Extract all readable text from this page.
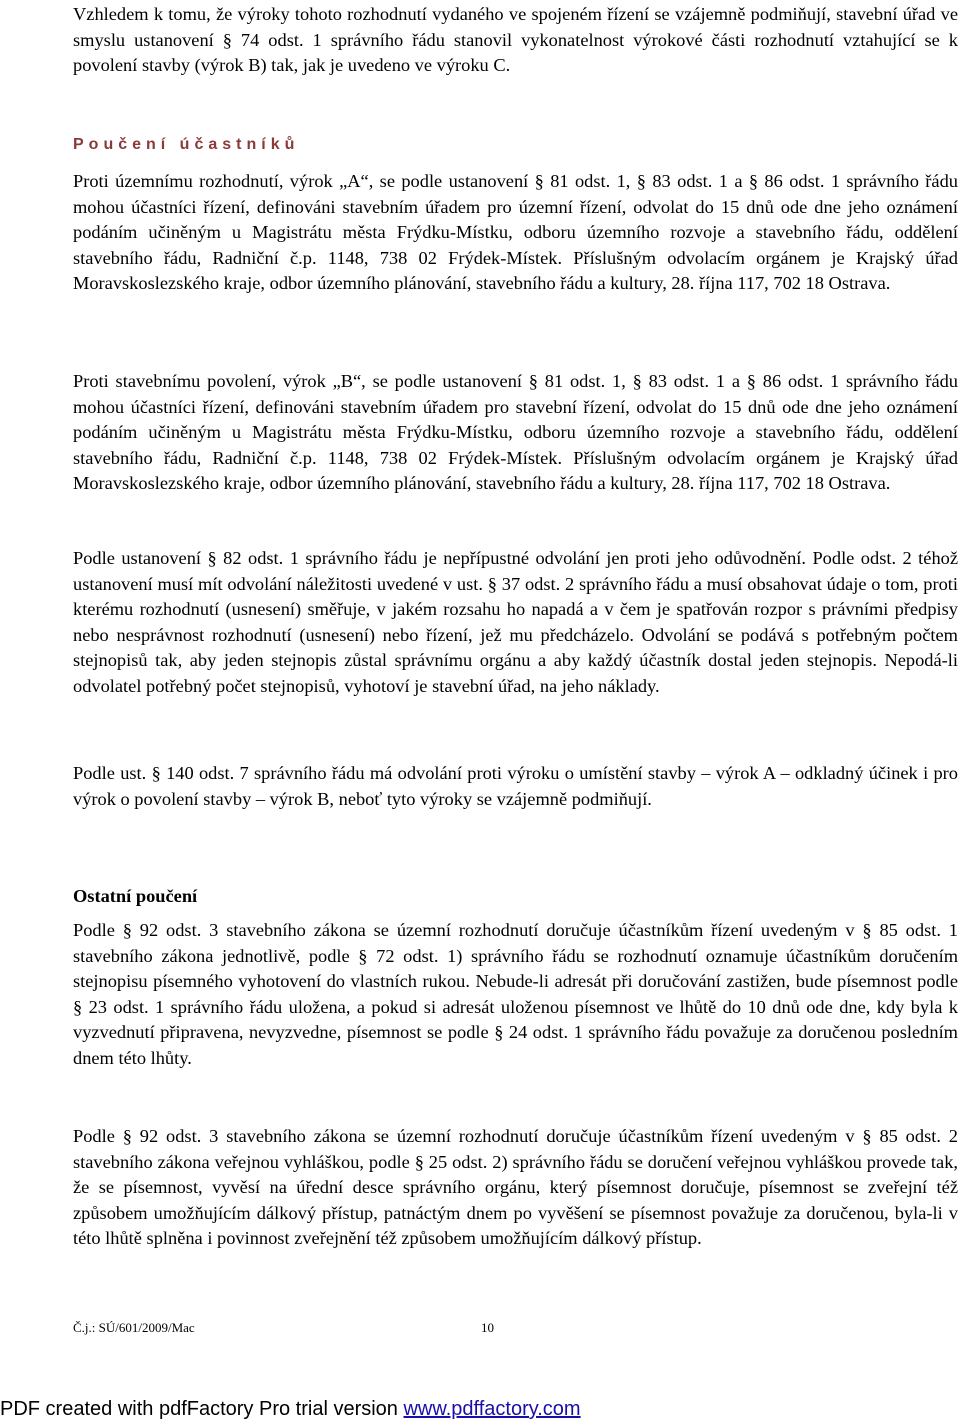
Vzhledem k tomu, že výroky tohoto rozhodnutí vydaného ve spojeném řízení se vzájemně podmiňují, stavební úřad ve smyslu ustanovení § 74 odst. 1 správního řádu stanovil vykonatelnost výrokové části rozhodnutí vztahující se k povolení stavby (výrok B) tak, jak je uvedeno ve výroku C.

Poučení účastníků

Proti územnímu rozhodnutí, výrok „A“, se podle ustanovení § 81 odst. 1, § 83 odst. 1 a § 86 odst. 1 správního řádu mohou účastníci řízení, definováni stavebním úřadem pro územní řízení, odvolat do 15 dnů ode dne jeho oznámení podáním učiněným u Magistrátu města Frýdku-Místku, odboru územního rozvoje a stavebního řádu, oddělení stavebního řádu, Radniční č.p. 1148, 738 02 Frýdek-Místek. Příslušným odvolacím orgánem je Krajský úřad Moravskoslezského kraje, odbor územního plánování, stavebního řádu a kultury, 28. října 117, 702 18 Ostrava.

Proti stavebnímu povolení, výrok „B“, se podle ustanovení § 81 odst. 1, § 83 odst. 1 a § 86 odst. 1 správního řádu mohou účastníci řízení, definováni stavebním úřadem pro stavební řízení, odvolat do 15 dnů ode dne jeho oznámení podáním učiněným u Magistrátu města Frýdku-Místku, odboru územního rozvoje a stavebního řádu, oddělení stavebního řádu, Radniční č.p. 1148, 738 02 Frýdek-Místek. Příslušným odvolacím orgánem je Krajský úřad Moravskoslezského kraje, odbor územního plánování, stavebního řádu a kultury, 28. října 117, 702 18 Ostrava.

Podle ustanovení § 82 odst. 1 správního řádu je nepřípustné odvolání jen proti jeho odůvodnění. Podle odst. 2 téhož ustanovení musí mít odvolání náležitosti uvedené v ust. § 37 odst. 2 správního řádu a musí obsahovat údaje o tom, proti kterému rozhodnutí (usnesení) směřuje, v jakém rozsahu ho napadá a v čem je spatřován rozpor s právními předpisy nebo nesprávnost rozhodnutí (usnesení) nebo řízení, jež mu předcházelo. Odvolání se podává s potřebným počtem stejnopisů tak, aby jeden stejnopis zůstal správnímu orgánu a aby každý účastník dostal jeden stejnopis. Nepodá-li odvolatel potřebný počet stejnopisů, vyhotoví je stavební úřad, na jeho náklady.

Podle ust. § 140 odst. 7 správního řádu má odvolání proti výroku o umístění stavby – výrok A – odkladný účinek i pro výrok o povolení stavby – výrok B, neboť tyto výroky se vzájemně podmiňují.

Ostatní poučení

Podle § 92 odst. 3 stavebního zákona se územní rozhodnutí doručuje účastníkům řízení uvedeným v § 85 odst. 1 stavebního zákona jednotlivě, podle § 72 odst. 1) správního řádu se rozhodnutí oznamuje účastníkům doručením stejnopisu písemného vyhotovení do vlastních rukou. Nebude-li adresát při doručování zastižen, bude písemnost podle § 23 odst. 1 správního řádu uložena, a pokud si adresát uloženou písemnost ve lhůtě do 10 dnů ode dne, kdy byla k vyzvednutí připravena, nevyzvedne, písemnost se podle § 24 odst. 1 správního řádu považuje za doručenou posledním dnem této lhůty.

Podle § 92 odst. 3 stavebního zákona se územní rozhodnutí doručuje účastníkům řízení uvedeným v § 85 odst. 2 stavebního zákona veřejnou vyhláškou, podle § 25 odst. 2) správního řádu se doručení veřejnou vyhláškou provede tak, že se písemnost, vyvěsí na úřední desce správního orgánu, který písemnost doručuje, písemnost se zveřejní též způsobem umožňujícím dálkový přístup, patnáctým dnem po vyvěšení se písemnost považuje za doručenou, byla-li v této lhůtě splněna i povinnost zveřejnění též způsobem umožňujícím dálkový přístup.

Č.j.: SÚ/601/2009/Mac	10
PDF created with pdfFactory Pro trial version www.pdffactory.com
